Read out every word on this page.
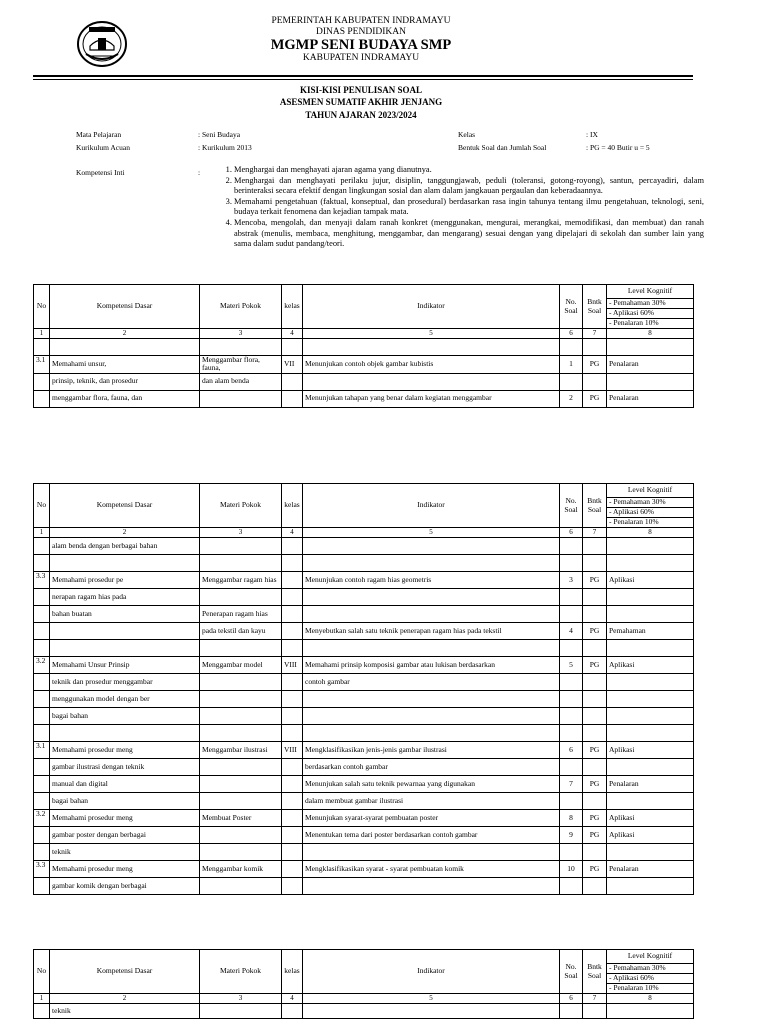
PEMERINTAH KABUPATEN INDRAMAYU
DINAS PENDIDIKAN
MGMP SENI BUDAYA SMP
KABUPATEN INDRAMAYU
KISI-KISI PENULISAN SOAL
ASESMEN SUMATIF AKHIR JENJANG
TAHUN AJARAN 2023/2024
Mata Pelajaran	: Seni Budaya
Kurikulum Acuan	: Kurikulum 2013
Kelas	: IX
Bentuk Soal dan Jumlah Soal	: PG = 40 Butir u = 5
Kompetensi Inti	:	1. Menghargai dan menghayati ajaran agama yang dianutnya.
2. Menghargai dan menghayati perilaku jujur, disiplin, tanggungjawab, peduli (toleransi, gotong-royong), santun, percayadiri, dalam berinteraksi secara efektif dengan lingkungan sosial dan alam dalam jangkauan pergaulan dan keberadaannya.
3. Memahami pengetahuan (faktual, konseptual, dan prosedural) berdasarkan rasa ingin tahunya tentang ilmu pengetahuan, teknologi, seni, budaya terkait fenomena dan kejadian tampak mata.
4. Mencoba, mengolah, dan menyaji dalam ranah konkret (menggunakan, mengurai, merangkai, memodifikasi, dan membuat) dan ranah abstrak (menulis, membaca, menghitung, menggambar, dan mengarang) sesuai dengan yang dipelajari di sekolah dan sumber lain yang sama dalam sudut pandang/teori.
No	Kompetensi Dasar	Materi Pokok	kelas	Indikator	No. Soal	Bntk Soal	Level Kognitif
							- Pemahaman 30%
							- Aplikasi 60%
							- Penalaran 10%
1	2	3	4	5	6	7	8

3.1	Memahami unsur,	Menggambar flora, fauna,	VII	Menunjukan contoh objek gambar kubistis	1	PG	Penalaran
	prinsip, teknik, dan prosedur	dan alam benda					
	menggambar flora, fauna, dan			Menunjukan tahapan yang benar dalam kegiatan menggambar	2	PG	Penalaran
No	Kompetensi Dasar	Materi Pokok	kelas	Indikator	No. Soal	Bntk Soal	Level Kognitif
							- Pemahaman 30%
							- Aplikasi 60%
							- Penalaran 10%
1	2	3	4	5	6	7	8
	alam benda dengan berbagai bahan						

3.3	Memahami prosedur pe	Menggambar ragam hias		Menunjukan contoh ragam hias geometris	3	PG	Aplikasi
	nerapan ragam hias pada						
	bahan buatan	Penerapan ragam hias					
		pada tekstil dan kayu		Menyebutkan salah satu teknik penerapan ragam hias pada tekstil	4	PG	Pemahaman

3.2	Memahami Unsur Prinsip	Menggambar model	VIII	Memahami prinsip komposisi gambar atau lukisan berdasarkan	5	PG	Aplikasi
	teknik dan prosedur menggambar			contoh gambar			
	menggunakan model dengan ber						
	bagai bahan						

3.1	Memahami prosedur meng	Menggambar ilustrasi	VIII	Mengklasifikasikan jenis-jenis gambar ilustrasi	6	PG	Aplikasi
	gambar ilustrasi dengan teknik			berdasarkan contoh gambar			
	manual dan digital			Menunjukan salah satu teknik pewarnaa yang digunakan	7	PG	Penalaran
	bagai bahan			dalam membuat gambar ilustrasi			
3.2	Memahami prosedur meng	Membuat Poster		Menunjukan syarat-syarat pembuatan poster	8	PG	Aplikasi
	gambar poster dengan berbagai			Menentukan tema dari poster berdasarkan contoh gambar	9	PG	Aplikasi
	teknik						
3.3	Memahami prosedur meng	Menggambar komik		Mengklasifikasikan syarat - syarat pembuatan komik	10	PG	Penalaran
	gambar komik dengan berbagai						
No	Kompetensi Dasar	Materi Pokok	kelas	Indikator	No. Soal	Bntk Soal	Level Kognitif
							- Pemahaman 30%
							- Aplikasi 60%
							- Penalaran 10%
1	2	3	4	5	6	7	8
	teknik						
